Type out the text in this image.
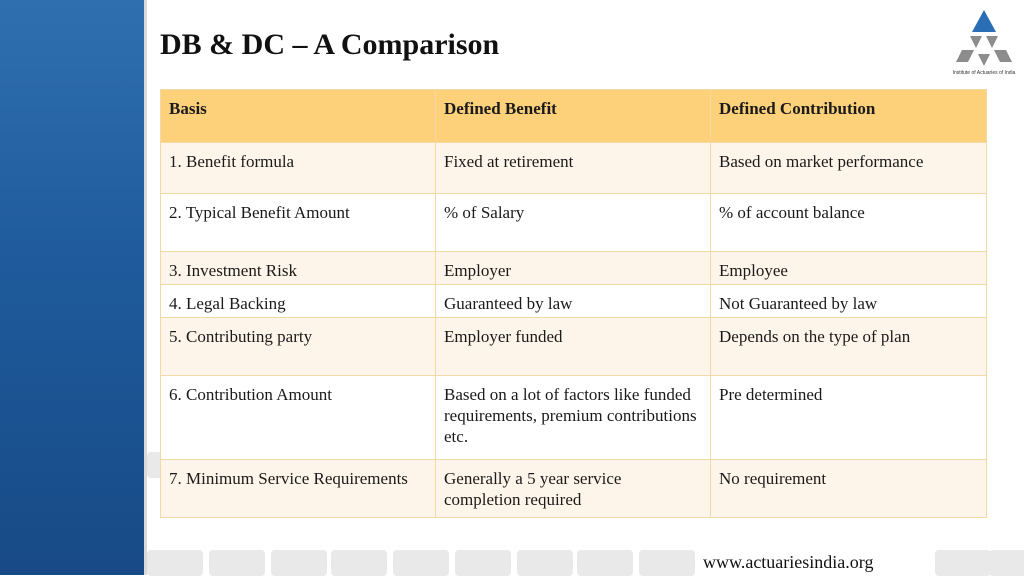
DB & DC – A Comparison
Institute of Actuaries of India
Basis	Defined Benefit	Defined Contribution
1. Benefit formula	Fixed at retirement	Based on market performance
2. Typical Benefit Amount	% of Salary	% of account balance
3. Investment Risk	Employer	Employee
4. Legal Backing	Guaranteed by law	Not Guaranteed by law
5. Contributing party	Employer funded	Depends on the type of plan
6. Contribution Amount	Based on a lot of factors like funded requirements, premium contributions etc.	Pre determined
7. Minimum Service Requirements	Generally a 5 year service completion required	No requirement
www.actuariesindia.org
